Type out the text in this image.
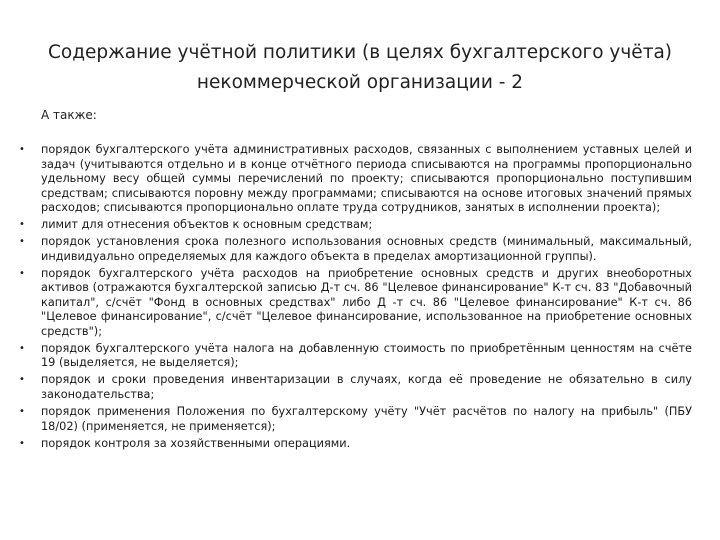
Содержание учётной политики (в целях бухгалтерского учёта)
некоммерческой организации - 2
А также:
• порядок бухгалтерского учёта административных расходов, связанных с выполнением уставных целей и задач (учитываются отдельно и в конце отчётного периода списываются на программы пропорционально удельному весу общей суммы перечислений по проекту; списываются пропорционально поступившим средствам; списываются поровну между программами; списываются на основе итоговых значений прямых расходов; списываются пропорционально оплате труда сотрудников, занятых в исполнении проекта);
• лимит для отнесения объектов к основным средствам;
• порядок установления срока полезного использования основных средств (минимальный, максимальный, индивидуально определяемых для каждого объекта в пределах амортизационной группы).
• порядок бухгалтерского учёта расходов на приобретение основных средств и других внеоборотных активов (отражаются бухгалтерской записью Д-т сч. 86 "Целевое финансирование" К-т сч. 83 "Добавочный капитал", с/счёт "Фонд в основных средствах" либо Д -т сч. 86 "Целевое финансирование" К-т сч. 86 "Целевое финансирование", с/счёт "Целевое финансирование, использованное на приобретение основных средств");
• порядок бухгалтерского учёта налога на добавленную стоимость по приобретённым ценностям на счёте 19 (выделяется, не выделяется);
• порядок и сроки проведения инвентаризации в случаях, когда её проведение не обязательно в силу законодательства;
• порядок применения Положения по бухгалтерскому учёту "Учёт расчётов по налогу на прибыль" (ПБУ 18/02) (применяется, не применяется);
• порядок контроля за хозяйственными операциями.
